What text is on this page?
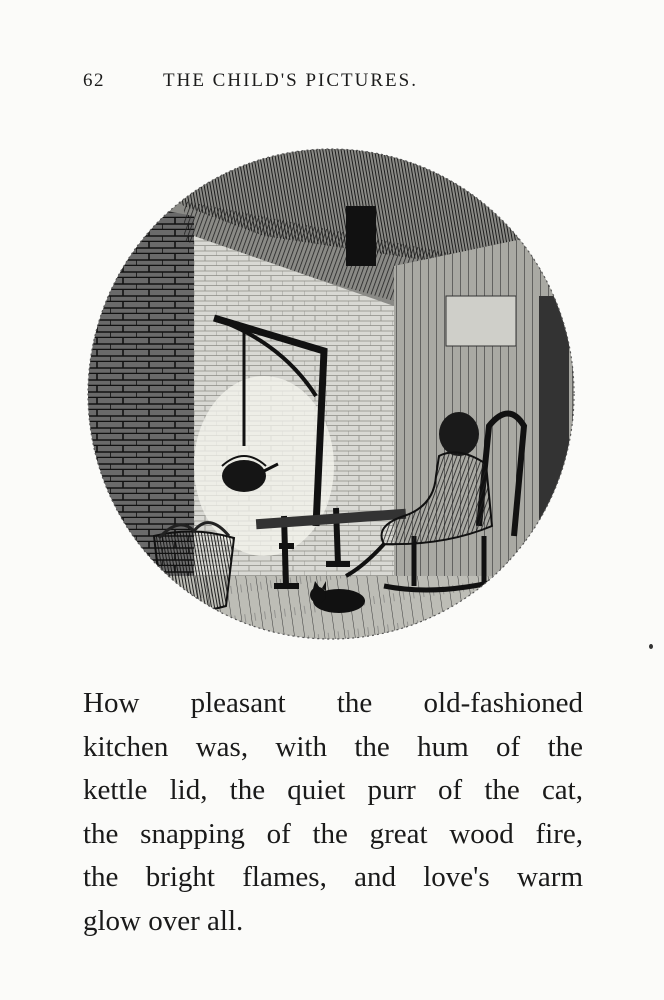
62	THE CHILD'S PICTURES.
How pleasant the old-fashioned
kitchen was, with the hum of the
kettle lid, the quiet purr of the cat,
the snapping of the great wood fire,
the bright flames, and love's warm
glow over all.
